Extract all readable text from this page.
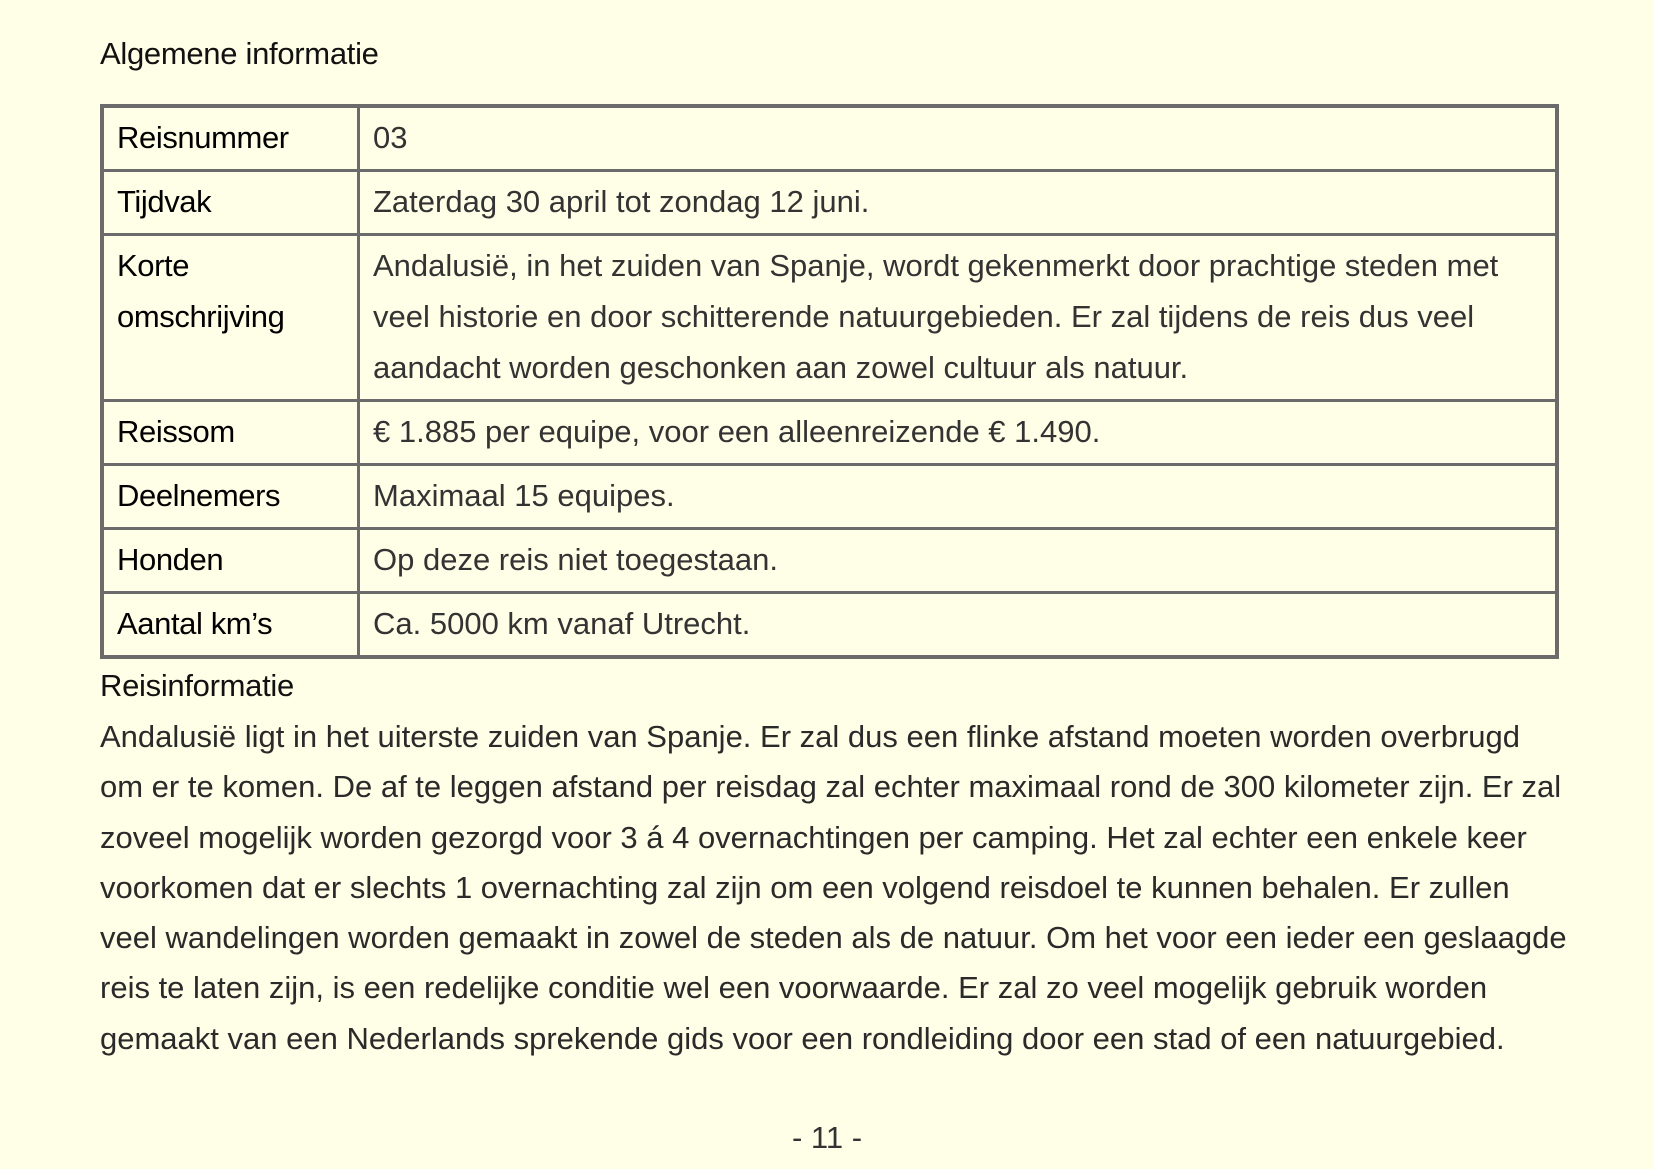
Algemene informatie
Reisnummer	03
Tijdvak	Zaterdag 30 april tot zondag 12 juni.
Korte omschrijving	Andalusië, in het zuiden van Spanje, wordt gekenmerkt door prachtige steden met veel historie en door schitterende natuurgebieden. Er zal tijdens de reis dus veel aandacht worden geschonken aan zowel cultuur als natuur.
Reissom	€ 1.885 per equipe, voor een alleenreizende € 1.490.
Deelnemers	Maximaal 15 equipes.
Honden	Op deze reis niet toegestaan.
Aantal km’s	Ca. 5000 km vanaf Utrecht.
Reisinformatie

Andalusië ligt in het uiterste zuiden van Spanje. Er zal dus een flinke afstand moeten worden overbrugd om er te komen. De af te leggen afstand per reisdag zal echter maximaal rond de 300 kilometer zijn. Er zal zoveel mogelijk worden gezorgd voor 3 á 4 overnachtingen per camping. Het zal echter een enkele keer voorkomen dat er slechts 1 overnachting zal zijn om een volgend reisdoel te kunnen behalen. Er zullen veel wandelingen worden gemaakt in zowel de steden als de natuur. Om het voor een ieder een geslaagde reis te laten zijn, is een redelijke conditie wel een voorwaarde. Er zal zo veel mogelijk gebruik worden gemaakt van een Nederlands sprekende gids voor een rondleiding door een stad of een natuurgebied.

- 11 -
